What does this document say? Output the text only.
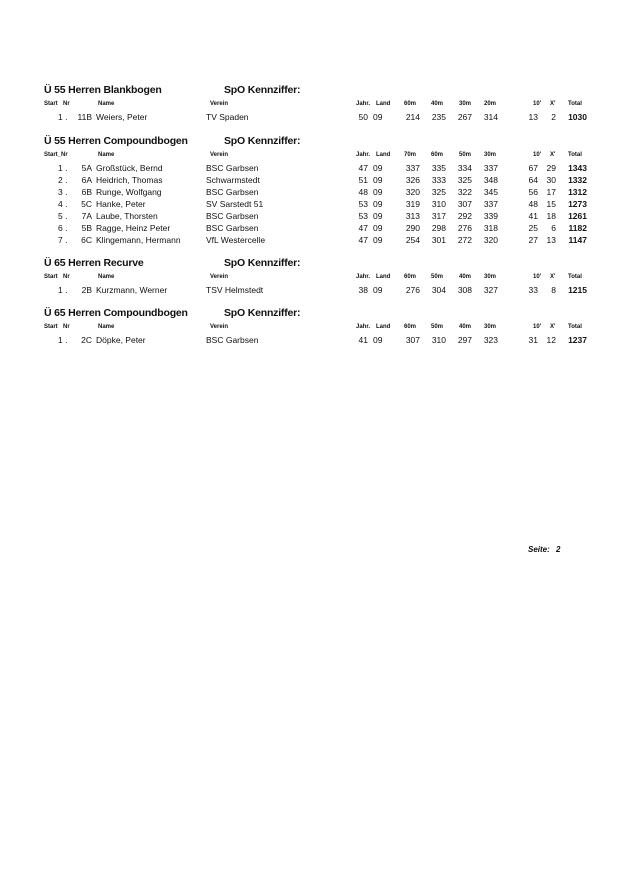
Ü 55 Herren Blankbogen	SpO Kennziffer:
Start Nr	Name	Verein	Jahr. Land 60m 40m	30m 20m	10' X' Total
1 .	11B Weiers, Peter	TV Spaden	50 09	214	235	267	314	13	2	1030
Ü 55 Herren Compoundbogen	SpO Kennziffer:
Start_Nr	Name	Verein	Jahr. Land 70m 60m	50m 30m	10' X' Total
1 .	5A Großstück, Bernd	BSC Garbsen	47 09	337	335	334	337	67	29	1343
2 .	6A Heidrich, Thomas	Schwarmstedt	51 09	326	333	325	348	64	30	1332
3 .	6B Runge, Wolfgang	BSC Garbsen	48 09	320	325	322	345	56	17	1312
4 .	5C Hanke, Peter	SV Sarstedt 51	53 09	319	310	307	337	48	15	1273
5 .	7A Laube, Thorsten	BSC Garbsen	53 09	313	317	292	339	41	18	1261
6 .	5B Ragge, Heinz Peter	BSC Garbsen	47 09	290	298	276	318	25	6	1182
7 .	6C Klingemann, Hermann	VfL Westercelle	47 09	254	301	272	320	27	13	1147
Ü 65 Herren Recurve	SpO Kennziffer:
Start Nr	Name	Verein	Jahr. Land 60m 50m	40m 30m	10' X' Total
1 .	2B Kurzmann, Werner	TSV Helmstedt	38 09	276	304	308	327	33	8	1215
Ü 65 Herren Compoundbogen	SpO Kennziffer:
Start Nr	Name	Verein	Jahr. Land 60m 50m	40m 30m	10' X' Total
1 .	2C Döpke, Peter	BSC Garbsen	41 09	307	310	297	323	31	12	1237
Seite: 2
